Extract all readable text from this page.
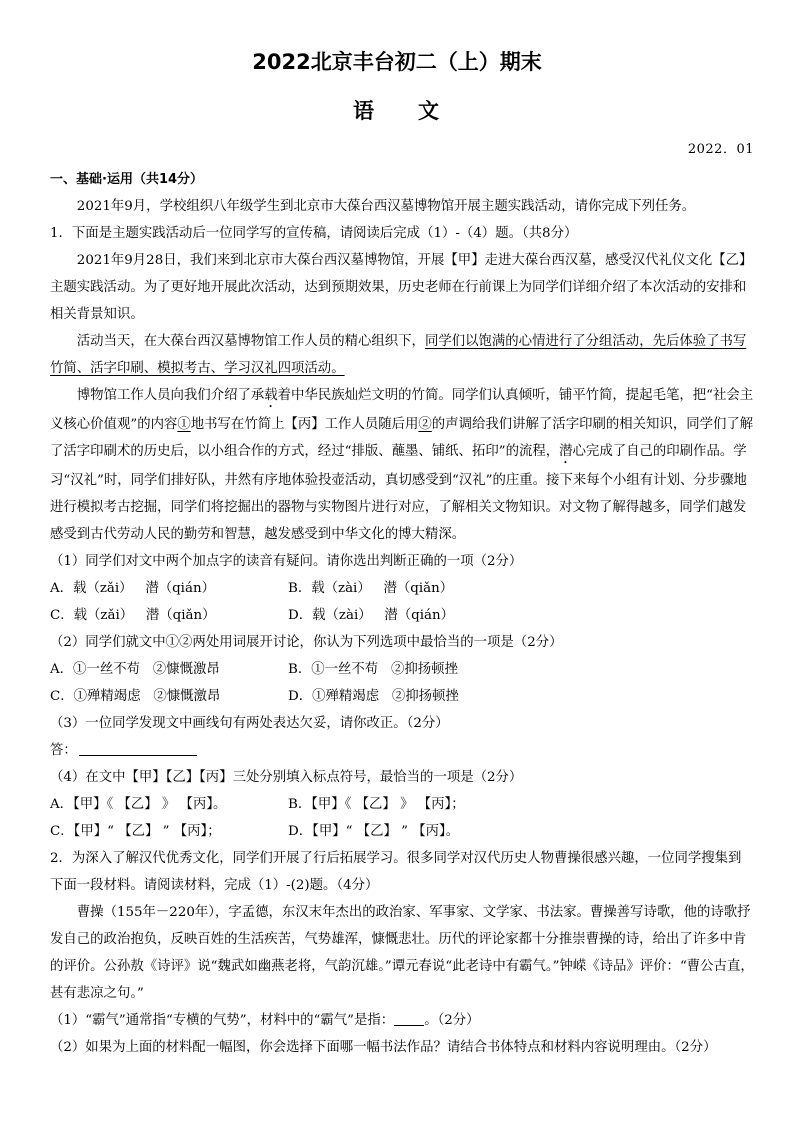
2022北京丰台初二（上）期末
语 文
2022．01

一、基础·运用（共14分）

2021年9月，学校组织八年级学生到北京市大葆台西汉墓博物馆开展主题实践活动，请你完成下列任务。

1．下面是主题实践活动后一位同学写的宣传稿，请阅读后完成（1）-（4）题。（共8分）

2021年9月28日，我们来到北京市大葆台西汉墓博物馆，开展【甲】走进大葆台西汉墓，感受汉代礼仪文化【乙】主题实践活动。为了更好地开展此次活动，达到预期效果，历史老师在行前课上为同学们详细介绍了本次活动的安排和相关背景知识。

活动当天，在大葆台西汉墓博物馆工作人员的精心组织下，同学们以饱满的心情进行了分组活动，先后体验了书写竹简、活字印刷、模拟考古、学习汉礼四项活动。

博物馆工作人员向我们介绍了承载着中华民族灿烂文明的竹简。同学们认真倾听，铺平竹简，提起毛笔，把“社会主义核心价值观”的内容①地书写在竹简上【丙】工作人员随后用②的声调给我们讲解了活字印刷的相关知识，同学们了解了活字印刷术的历史后，以小组合作的方式，经过“排版、蘸墨、铺纸、拓印”的流程，潜心完成了自己的印刷作品。学习“汉礼”时，同学们排好队，井然有序地体验投壶活动，真切感受到“汉礼”的庄重。接下来每个小组有计划、分步骤地进行模拟考古挖掘，同学们将挖掘出的器物与实物图片进行对应，了解相关文物知识。对文物了解得越多，同学们越发感受到古代劳动人民的勤劳和智慧，越发感受到中华文化的博大精深。

（1）同学们对文中两个加点字的读音有疑问。请你选出判断正确的一项（2分）

A．载（zǎi）   潜（qián）	B．载（zài）   潜（qiǎn）
C．载（zǎi）   潜（qiǎn）	D．载（zài）   潜（qián）

（2）同学们就文中①②两处用词展开讨论，你认为下列选项中最恰当的一项是（2分）

A．①一丝不苟   ②慷慨激昂	B．①一丝不苟   ②抑扬顿挫
C．①殚精竭虑   ②慷慨激昂	D．①殚精竭虑   ②抑扬顿挫

（3）一位同学发现文中画线句有两处表达欠妥，请你改正。（2分）

答：

（4）在文中【甲】【乙】【丙】三处分别填入标点符号，最恰当的一项是（2分）

A．【甲】《 【乙】 》 【丙】。	B．【甲】《 【乙】 》 【丙】；
C．【甲】“ 【乙】 ” 【丙】；	D．【甲】“ 【乙】 ” 【丙】。

2．为深入了解汉代优秀文化，同学们开展了行后拓展学习。很多同学对汉代历史人物曹操很感兴趣，一位同学搜集到下面一段材料。请阅读材料，完成（1）-(2)题。（4分）

曹操（155年－220年），字孟德，东汉末年杰出的政治家、军事家、文学家、书法家。曹操善写诗歌，他的诗歌抒发自己的政治抱负，反映百姓的生活疾苦，气势雄浑，慷慨悲壮。历代的评论家都十分推崇曹操的诗，给出了许多中肯的评价。公孙敖《诗评》说“魏武如幽燕老将，气韵沉雄。”谭元春说“此老诗中有霸气。”钟嵘《诗品》评价：“曹公古直，甚有悲凉之句。”

（1）“霸气”通常指“专横的气势”，材料中的“霸气”是指： 。（2分）

（2）如果为上面的材料配一幅图，你会选择下面哪一幅书法作品？请结合书体特点和材料内容说明理由。（2分）
